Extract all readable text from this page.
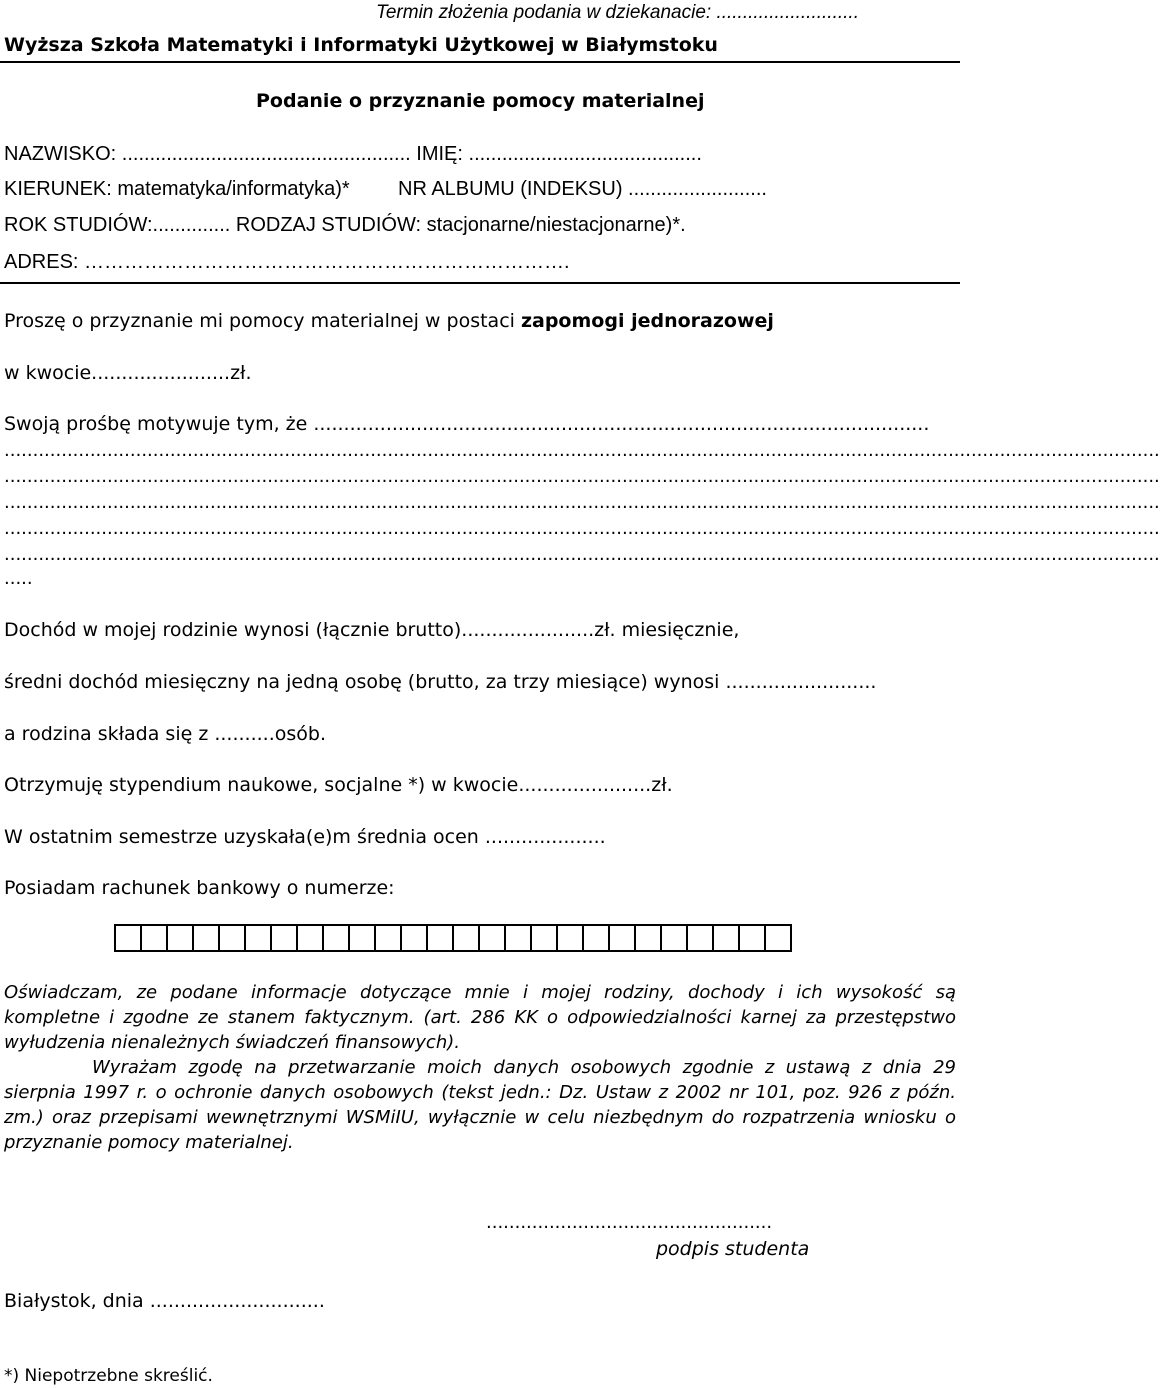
Termin złożenia podania w dziekanacie: ...........................
Wyższa Szkoła Matematyki i Informatyki Użytkowej w Białymstoku
Podanie o przyznanie pomocy materialnej
NAZWISKO: .................................................... IMIĘ: ..........................................
KIERUNEK: matematyka/informatyka)* NR ALBUMU (INDEKSU) .........................
ROK STUDIÓW:.............. RODZAJ STUDIÓW: stacjonarne/niestacjonarne)*.
ADRES: ……………………………………………………………….
Proszę o przyznanie mi pomocy materialnej w postaci zapomogi jednorazowej
w kwocie.......................zł.
Swoją prośbę motywuje tym, że ......................................................................................................
..........................................................................................................................................................................................................
..........................................................................................................................................................................................................
..........................................................................................................................................................................................................
..........................................................................................................................................................................................................
..........................................................................................................................................................................................................
.....
Dochód w mojej rodzinie wynosi (łącznie brutto)......................zł. miesięcznie,
średni dochód miesięczny na jedną osobę (brutto, za trzy miesiące) wynosi .........................
a rodzina składa się z ..........osób.
Otrzymuję stypendium naukowe, socjalne *) w kwocie......................zł.
W ostatnim semestrze uzyskała(e)m średnia ocen ....................
Posiadam rachunek bankowy o numerze:
Oświadczam, ze podane informacje dotyczące mnie i mojej rodziny, dochody i ich wysokość są kompletne i zgodne ze stanem faktycznym. (art. 286 KK o odpowiedzialności karnej za przestępstwo wyłudzenia nienależnych świadczeń finansowych).
Wyrażam zgodę na przetwarzanie moich danych osobowych zgodnie z ustawą z dnia 29 sierpnia 1997 r. o ochronie danych osobowych (tekst jedn.: Dz. Ustaw z 2002 nr 101, poz. 926 z późn. zm.) oraz przepisami wewnętrznymi WSMiIU, wyłącznie w celu niezbędnym do rozpatrzenia wniosku o przyznanie pomocy materialnej.
..................................................
podpis studenta
Białystok, dnia .............................
*) Niepotrzebne skreślić.
